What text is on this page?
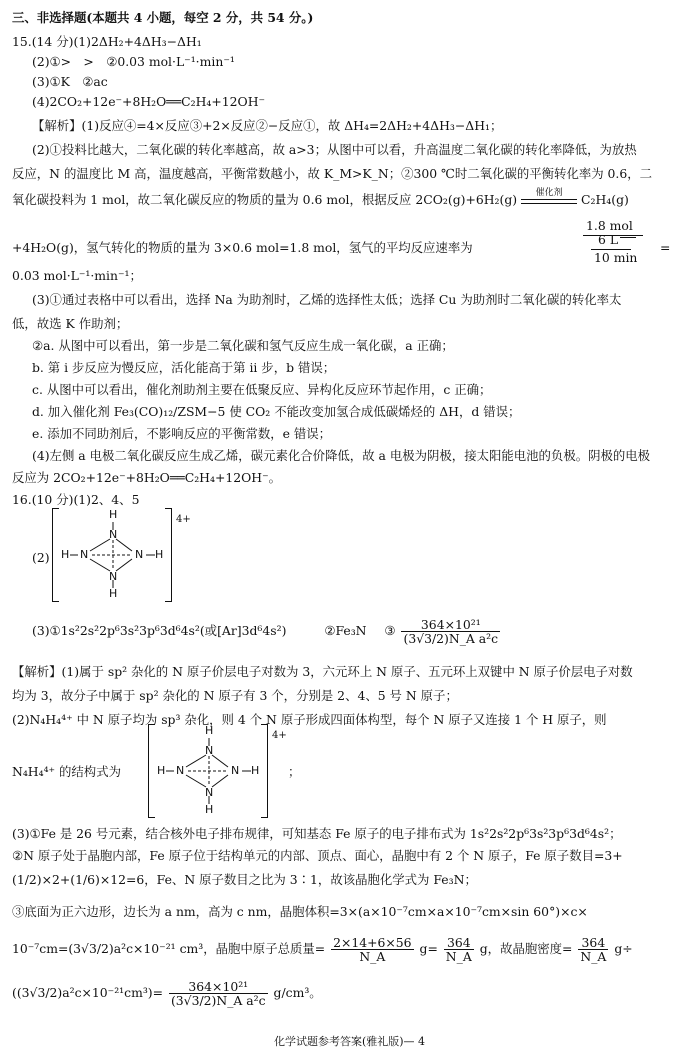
三、非选择题(本题共 4 小题，每空 2 分，共 54 分。)
15.(14 分)(1)2ΔH₂+4ΔH₃−ΔH₁
(2)①>　>　②0.03 mol·L⁻¹·min⁻¹
(3)①K　②ac
(4)2CO₂+12e⁻+8H₂O══C₂H₄+12OH⁻
【解析】(1)反应④=4×反应③+2×反应②−反应①，故 ΔH₄=2ΔH₂+4ΔH₃−ΔH₁；
(2)①投料比越大，二氧化碳的转化率越高，故 a>3；从图中可以看，升高温度二氧化碳的转化率降低，为放热
反应，N 的温度比 M 高，温度越高，平衡常数越小，故 K_M>K_N；②300 ℃时二氧化碳的平衡转化率为 0.6，二
氧化碳投料为 1 mol，故二氧化碳反应的物质的量为 0.6 mol，根据反应 2CO₂(g)+6H₂(g)	催化剂	C₂H₄(g)
1.8 mol
+4H₂O(g)，氢气转化的物质的量为 3×0.6 mol=1.8 mol，氢气的平均反应速率为
6 L
10 min
=
0.03 mol·L⁻¹·min⁻¹；
(3)①通过表格中可以看出，选择 Na 为助剂时，乙烯的选择性太低；选择 Cu 为助剂时二氧化碳的转化率太
低，故选 K 作助剂；
②a. 从图中可以看出，第一步是二氧化碳和氢气反应生成一氧化碳，a 正确；
b. 第 i 步反应为慢反应，活化能高于第 ii 步，b 错误；
c. 从图中可以看出，催化剂助剂主要在低聚反应、异构化反应环节起作用，c 正确；
d. 加入催化剂 Fe₃(CO)₁₂/ZSM−5 使 CO₂ 不能改变加氢合成低碳烯烃的 ΔH，d 错误；
e. 添加不同助剂后，不影响反应的平衡常数，e 错误；
(4)左侧 a 电极二氧化碳反应生成乙烯，碳元素化合价降低，故 a 电极为阴极，接太阳能电池的负极。阴极的电极
反应为 2CO₂+12e⁻+8H₂O══C₂H₄+12OH⁻。
16.(10 分)(1)2、4、5
(2)
H
N
H N	N H
N
H
4+
(3)①1s²2s²2p⁶3s²3p⁶3d⁶4s²(或[Ar]3d⁶4s²)	②Fe₃N ③ $\frac{\text{364×10²¹}}{\text{(3√3/2)N\_A a²c}}$
【解析】(1)属于 sp² 杂化的 N 原子价层电子对数为 3，六元环上 N 原子、五元环上双键中 N 原子价层电子对数
均为 3，故分子中属于 sp² 杂化的 N 原子有 3 个，分别是 2、4、5 号 N 原子；
(2)N₄H₄⁴⁺ 中 N 原子均为 sp³ 杂化，则 4 个 N 原子形成四面体构型，每个 N 原子又连接 1 个 H 原子，则
N₄H₄⁴⁺ 的结构式为
H
N
H N	N H
N
H
4+
；
(3)①Fe 是 26 号元素，结合核外电子排布规律，可知基态 Fe 原子的电子排布式为 1s²2s²2p⁶3s²3p⁶3d⁶4s²；
②N 原子处于晶胞内部，Fe 原子位于结构单元的内部、顶点、面心，晶胞中有 2 个 N 原子，Fe 原子数目=3+
(1/2)×2+(1/6)×12=6，Fe、N 原子数目之比为 3∶1，故该晶胞化学式为 Fe₃N；
③底面为正六边形，边长为 a nm，高为 c nm，晶胞体积=3×(a×10⁻⁷cm×a×10⁻⁷cm×sin 60°)×c×
10⁻⁷cm=(3√3/2)a²c×10⁻²¹ cm³，晶胞中原子总质量= $\frac{2\times 14+6\times 56}{N\_A} g= \frac{364}{N\_A}$ g，故晶胞密度= $\frac{364}{N\_A} g\div$
$((3√3/2)a^2c\times 10^{-21}cm^3)= \frac{\text{364×10²¹}}{\text{(3√3/2)N\_A a²c}} g/cm^3$。
化学试题参考答案(雅礼版)— 4
